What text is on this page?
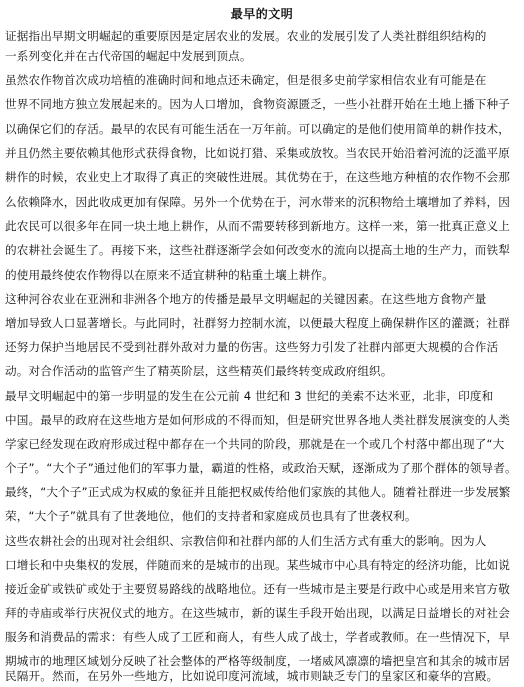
最早的文明
证据指出早期文明崛起的重要原因是定居农业的发展。农业的发展引发了人类社群组织结构的
一系列变化并在古代帝国的崛起中发展到顶点。
虽然农作物首次成功培植的准确时间和地点还未确定，但是很多史前学家相信农业有可能是在
世界不同地方独立发展起来的。因为人口增加，食物资源匮乏，一些小社群开始在土地上播下种子
以确保它们的存活。最早的农民有可能生活在一万年前。可以确定的是他们使用简单的耕作技术，
并且仍然主要依赖其他形式获得食物，比如说打猎、采集或放牧。当农民开始沿着河流的泛滥平原
耕作的时候，农业史上才取得了真正的突破性进展。其优势在于，在这些地方种植的农作物不会那
么依赖降水，因此收成更加有保障。另外一个优势在于，河水带来的沉积物给土壤增加了养料，因
此农民可以很多年在同一块土地上耕作，从而不需要转移到新地方。这样一来，第一批真正意义上
的农耕社会诞生了。再接下来，这些社群逐渐学会如何改变水的流向以提高土地的生产力，而铁犁
的使用最终使农作物得以在原来不适宜耕种的粘重土壤上耕作。
这种河谷农业在亚洲和非洲各个地方的传播是最早文明崛起的关键因素。在这些地方食物产量
增加导致人口显著增长。与此同时，社群努力控制水流，以便最大程度上确保耕作区的灌溉；社群
还努力保护当地居民不受到社群外敌对力量的伤害。这些努力引发了社群内部更大规模的合作活
动。对合作活动的监管产生了精英阶层，这些精英们最终转变成政府组织。
最早文明崛起中的第一步明显的发生在公元前 4 世纪和 3 世纪的美索不达米亚，北非，印度和
中国。最早的政府在这些地方是如何形成的不得而知，但是研究世界各地人类社群发展演变的人类
学家已经发现在政府形成过程中都存在一个共同的阶段，那就是在一个或几个村落中都出现了“大
个子”。“大个子”通过他们的军事力量，霸道的性格，或政治天赋，逐渐成为了那个群体的领导者。
最终，“大个子”正式成为权威的象征并且能把权威传给他们家族的其他人。随着社群进一步发展繁
荣，“大个子”就具有了世袭地位，他们的支持者和家庭成员也具有了世袭权利。
这些农耕社会的出现对社会组织、宗教信仰和社群内部的人们生活方式有重大的影响。因为人
口增长和中央集权的发展，伴随而来的是城市的出现。某些城市中心具有特定的经济功能，比如说
接近金矿或铁矿或处于主要贸易路线的战略地位。还有一些城市是主要是行政中心或是用来官方敬
拜的寺庙或举行庆祝仪式的地方。在这些城市，新的谋生手段开始出现，以满足日益增长的对社会
服务和消费品的需求：有些人成了工匠和商人，有些人成了战士，学者或教师。在一些情况下，早
期城市的地理区域划分反映了社会整体的严格等级制度，一堵威风凛凛的墙把皇宫和其余的城市居
民隔开。然而，在另外一些地方，比如说印度河流域，城市则缺乏专门的皇家区和豪华的宫殿。
